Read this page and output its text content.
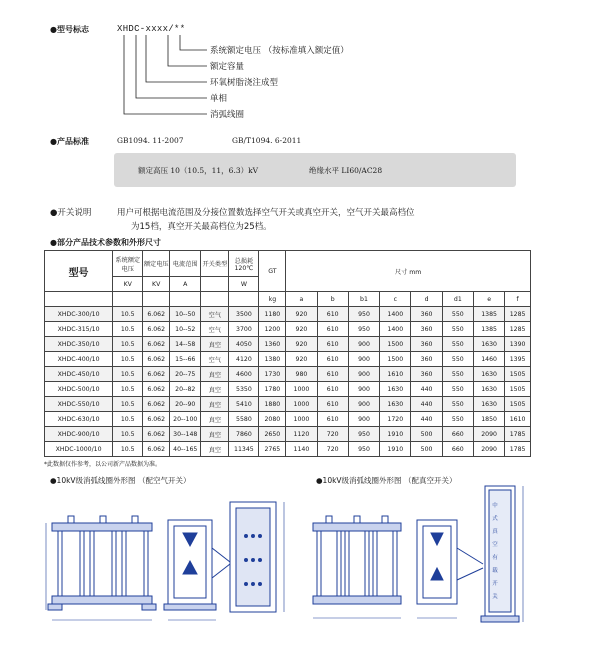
●型号标志	XHDC-xxxx/**
系统额定电压 （按标准填入额定值）
额定容量
环氧树脂浇注成型
单相
消弧线圈
●产品标准	GB1094. 11-2007	GB/T1094. 6-2011
额定高压 10（10.5，11，6.3）kV	绝缘水平 LI60/AC28
●开关说明	用户可根据电流范围及分接位置数选择空气开关或真空开关，空气开关最高档位
为15档，真空开关最高档位为25档。
●部分产品技术参数和外形尺寸
型号	系统额定电压	额定电压	电流范围	开关类型	总损耗120℃	GT	尺寸 mm							
	KV	KV	A		W									
						kg	a	b	b1	c	d	d1	e	f
XHDC-300/10	10.5	6.062	10--50	空气	3500	1180	920	610	950	1400	360	550	1385	1285
XHDC-315/10	10.5	6.062	10--52	空气	3700	1200	920	610	950	1400	360	550	1385	1285
XHDC-350/10	10.5	6.062	14--58	真空	4050	1360	920	610	900	1500	360	550	1630	1390
XHDC-400/10	10.5	6.062	15--66	空气	4120	1380	920	610	900	1500	360	550	1460	1395
XHDC-450/10	10.5	6.062	20--75	真空	4600	1730	980	610	900	1610	360	550	1630	1505
XHDC-500/10	10.5	6.062	20--82	真空	5350	1780	1000	610	900	1630	440	550	1630	1505
XHDC-550/10	10.5	6.062	20--90	真空	5410	1880	1000	610	900	1630	440	550	1630	1505
XHDC-630/10	10.5	6.062	20--100	真空	5580	2080	1000	610	900	1720	440	550	1850	1610
XHDC-900/10	10.5	6.062	30--148	真空	7860	2650	1120	720	950	1910	500	660	2090	1785
XHDC-1000/10	10.5	6.062	40--165	真空	11345	2765	1140	720	950	1910	500	660	2090	1785
*此数据仅作参考，以公司新产品数据为准。
●10kV级消弧线圈外形图 （配空气开关）	●10kV级消弧线圈外形图 （配真空开关）
中 式 真 空 有 载 开 关
